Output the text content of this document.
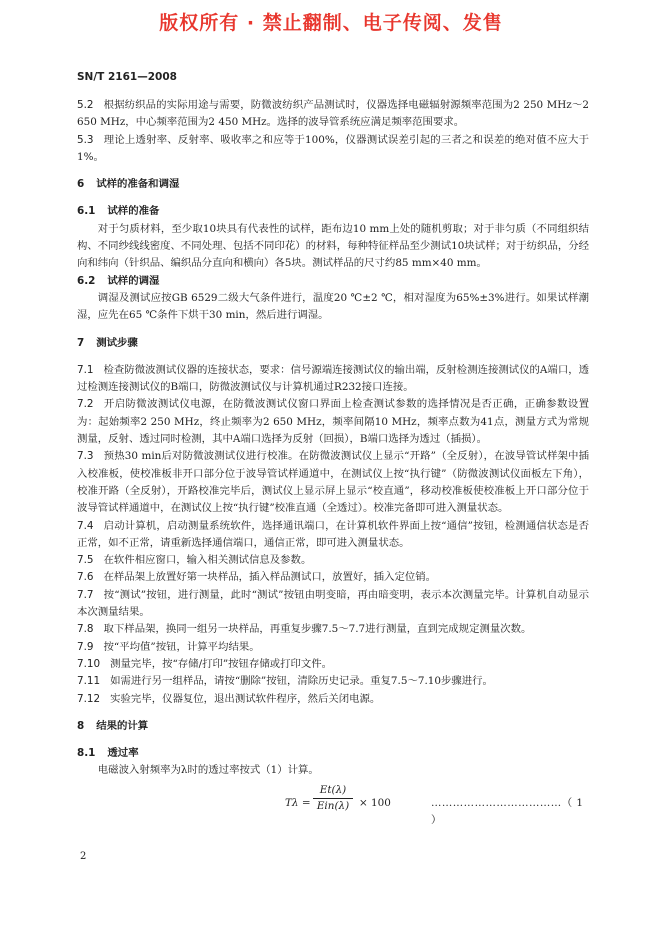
版权所有 · 禁止翻制、电子传阅、发售
SN/T 2161—2008

5.2 根据纺织品的实际用途与需要，防微波纺织产品测试时，仪器选择电磁辐射源频率范围为2 250 MHz～2 650 MHz，中心频率范围为2 450 MHz。选择的波导管系统应满足频率范围要求。

5.3 理论上透射率、反射率、吸收率之和应等于100%，仪器测试误差引起的三者之和误差的绝对值不应大于1%。

6 试样的准备和调湿
6.1 试样的准备

对于匀质材料，至少取10块具有代表性的试样，距布边10 mm上处的随机剪取；对于非匀质（不同组织结构、不同纱线线密度、不同处理、包括不同印花）的材料，每种特征样品至少测试10块试样；对于纺织品，分经向和纬向（针织品、编织品分直向和横向）各5块。测试样品的尺寸约85 mm×40 mm。

6.2 试样的调湿

调湿及测试应按GB 6529二级大气条件进行，温度20 ℃±2 ℃，相对湿度为65%±3%进行。如果试样潮湿，应先在65 ℃条件下烘干30 min，然后进行调湿。

7 测试步骤

7.1 检查防微波测试仪器的连接状态，要求：信号源端连接测试仪的输出端，反射检测连接测试仪的A端口，透过检测连接测试仪的B端口，防微波测试仪与计算机通过R232接口连接。

7.2 开启防微波测试仪电源，在防微波测试仪窗口界面上检查测试参数的选择情况是否正确，正确参数设置为：起始频率2 250 MHz，终止频率为2 650 MHz，频率间隔10 MHz，频率点数为41点，测量方式为常规测量，反射、透过同时检测，其中A端口选择为反射（回损），B端口选择为透过（插损）。

7.3 预热30 min后对防微波测试仪进行校准。在防微波测试仪上显示“开路”（全反射），在波导管试样架中插入校准板，使校准板非开口部分位于波导管试样通道中，在测试仪上按“执行键”（防微波测试仪面板左下角），校准开路（全反射），开路校准完毕后，测试仪上显示屏上显示“校直通”，移动校准板使校准板上开口部分位于波导管试样通道中，在测试仪上按“执行键”校准直通（全透过）。校准完备即可进入测量状态。

7.4 启动计算机，启动测量系统软件，选择通讯端口，在计算机软件界面上按“通信”按钮，检测通信状态是否正常，如不正常，请重新选择通信端口，通信正常，即可进入测量状态。

7.5 在软件相应窗口，输入相关测试信息及参数。

7.6 在样品架上放置好第一块样品，插入样品测试口，放置好，插入定位销。

7.7 按“测试”按钮，进行测量，此时“测试”按钮由明变暗，再由暗变明，表示本次测量完毕。计算机自动显示本次测量结果。

7.8 取下样品架，换同一组另一块样品，再重复步骤7.5～7.7进行测量，直到完成规定测量次数。

7.9 按“平均值”按钮，计算平均结果。

7.10 测量完毕，按“存储/打印”按钮存储或打印文件。

7.11 如需进行另一组样品，请按“删除”按钮，清除历史记录。重复7.5～7.10步骤进行。

7.12 实验完毕，仪器复位，退出测试软件程序，然后关闭电源。

8 结果的计算
8.1 透过率

电磁波入射频率为λ时的透过率按式（1）计算。

Tλ =
Et(λ)
Ein(λ) × 100	………………………………（ 1 ）
2
